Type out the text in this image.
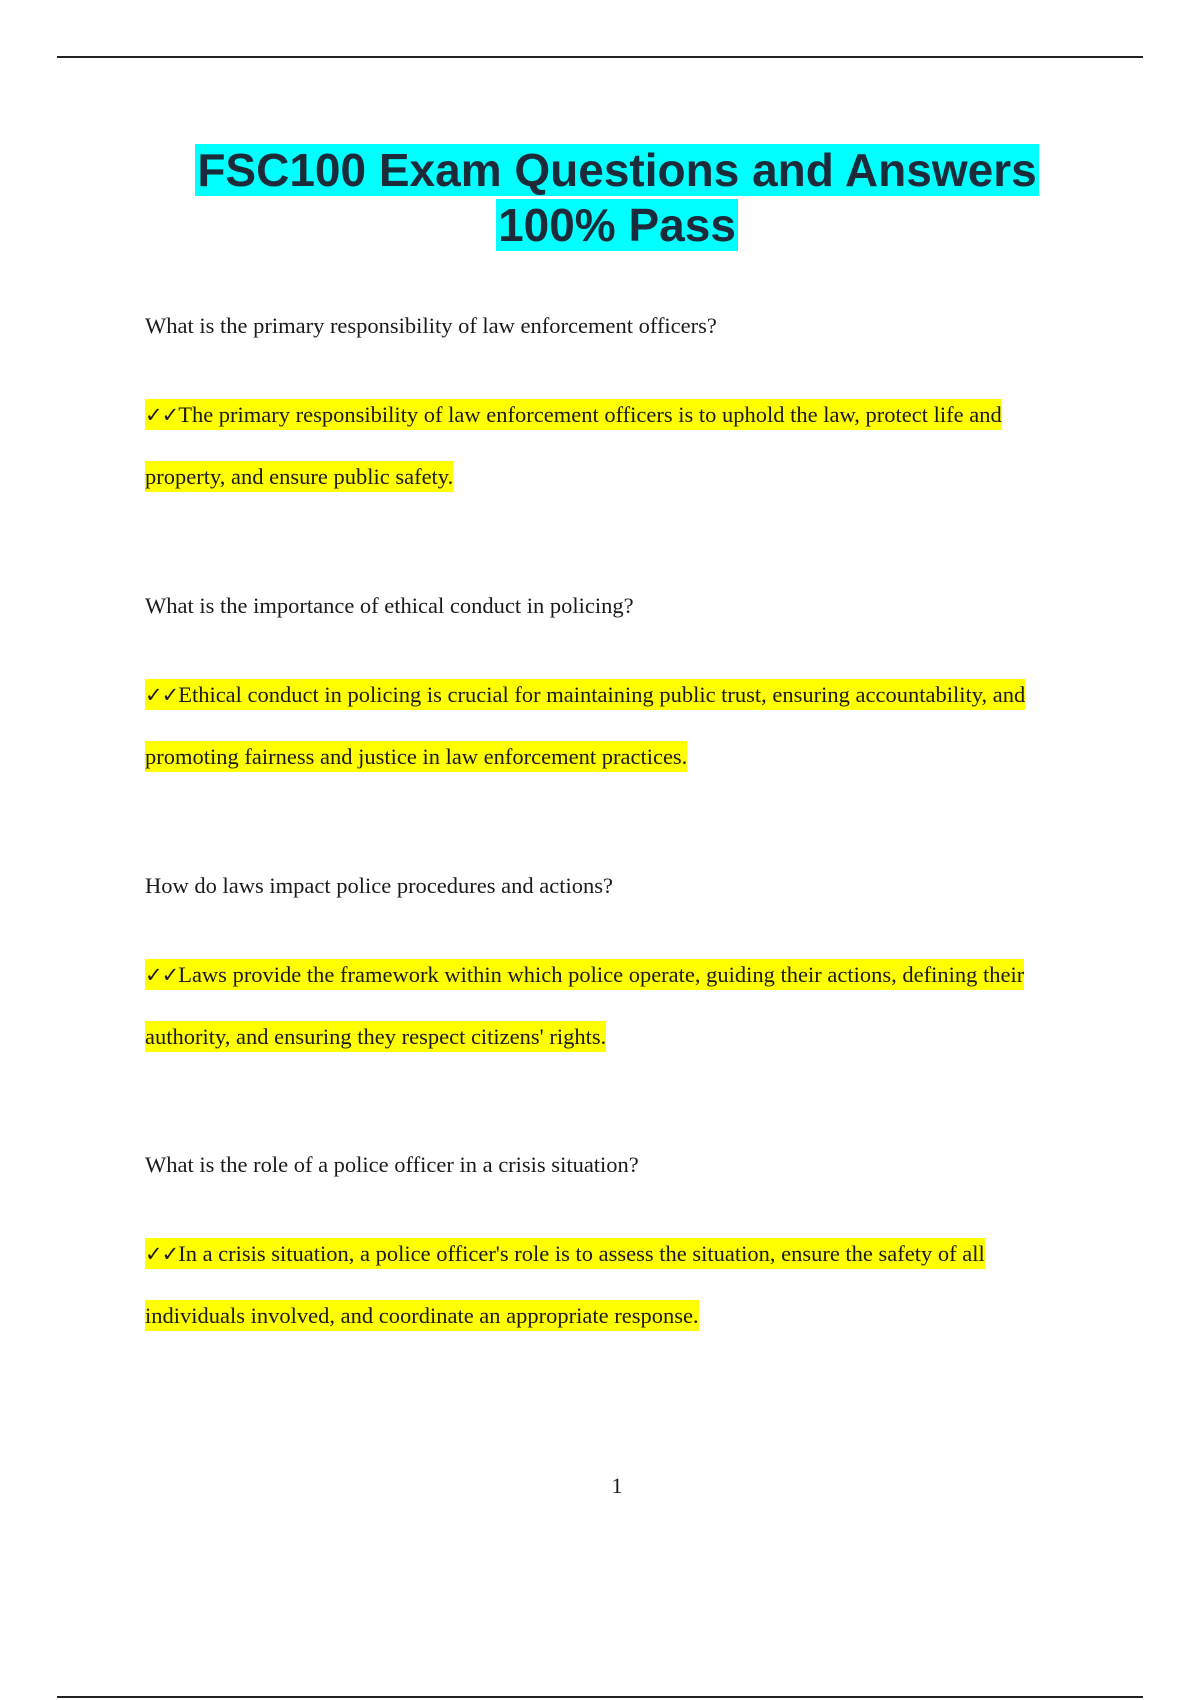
FSC100 Exam Questions and Answers
100% Pass

What is the primary responsibility of law enforcement officers?

✓✓The primary responsibility of law enforcement officers is to uphold the law, protect life and property, and ensure public safety.

What is the importance of ethical conduct in policing?

✓✓Ethical conduct in policing is crucial for maintaining public trust, ensuring accountability, and promoting fairness and justice in law enforcement practices.

How do laws impact police procedures and actions?

✓✓Laws provide the framework within which police operate, guiding their actions, defining their authority, and ensuring they respect citizens' rights.

What is the role of a police officer in a crisis situation?

✓✓In a crisis situation, a police officer's role is to assess the situation, ensure the safety of all individuals involved, and coordinate an appropriate response.

1
